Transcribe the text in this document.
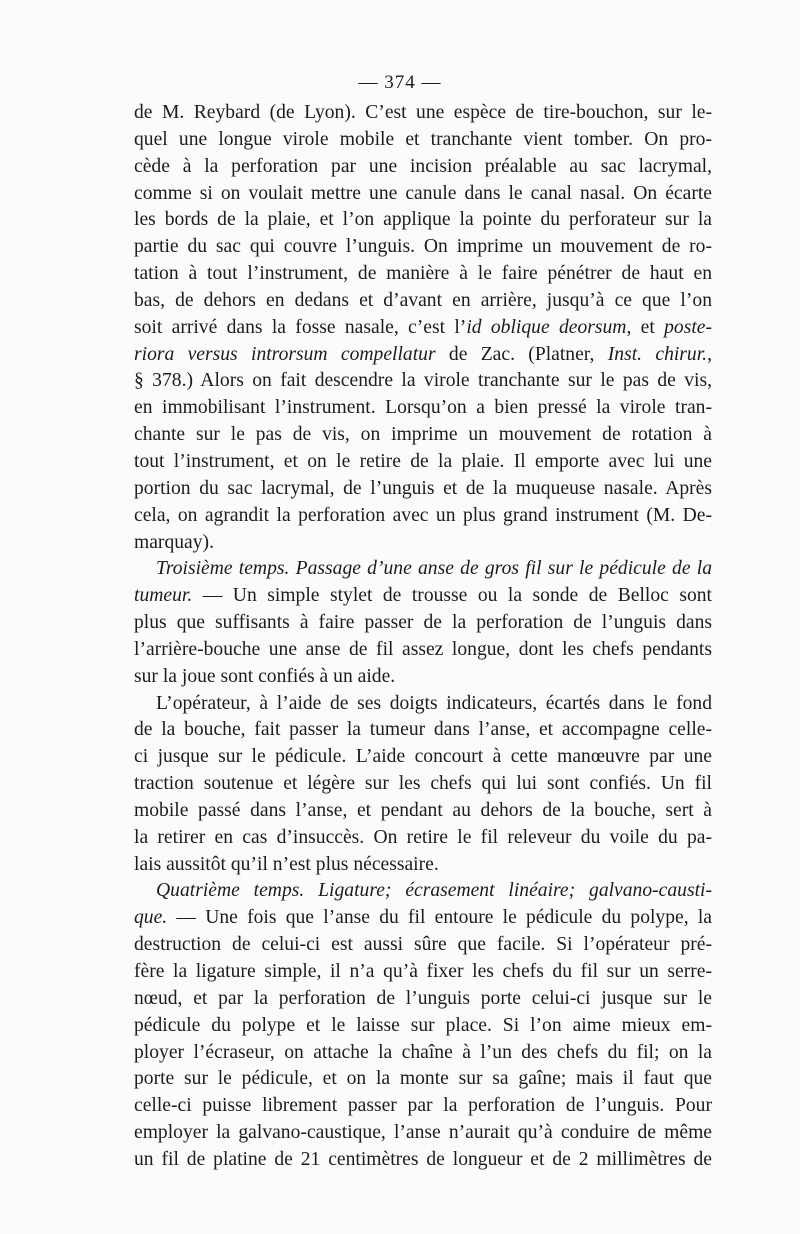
— 374 —
de M. Reybard (de Lyon). C’est une espèce de tire-bouchon, sur le-
quel une longue virole mobile et tranchante vient tomber. On pro-
cède à la perforation par une incision préalable au sac lacrymal,
comme si on voulait mettre une canule dans le canal nasal. On écarte
les bords de la plaie, et l’on applique la pointe du perforateur sur la
partie du sac qui couvre l’unguis. On imprime un mouvement de ro-
tation à tout l’instrument, de manière à le faire pénétrer de haut en
bas, de dehors en dedans et d’avant en arrière, jusqu’à ce que l’on
soit arrivé dans la fosse nasale, c’est l’id oblique deorsum, et poste-
riora versus introrsum compellatur de Zac. (Platner, Inst. chirur.,
§ 378.) Alors on fait descendre la virole tranchante sur le pas de vis,
en immobilisant l’instrument. Lorsqu’on a bien pressé la virole tran-
chante sur le pas de vis, on imprime un mouvement de rotation à
tout l’instrument, et on le retire de la plaie. Il emporte avec lui une
portion du sac lacrymal, de l’unguis et de la muqueuse nasale. Après
cela, on agrandit la perforation avec un plus grand instrument (M. De-
marquay).
Troisième temps. Passage d’une anse de gros fil sur le pédicule de la
tumeur. — Un simple stylet de trousse ou la sonde de Belloc sont
plus que suffisants à faire passer de la perforation de l’unguis dans
l’arrière-bouche une anse de fil assez longue, dont les chefs pendants
sur la joue sont confiés à un aide.
L’opérateur, à l’aide de ses doigts indicateurs, écartés dans le fond
de la bouche, fait passer la tumeur dans l’anse, et accompagne celle-
ci jusque sur le pédicule. L’aide concourt à cette manœuvre par une
traction soutenue et légère sur les chefs qui lui sont confiés. Un fil
mobile passé dans l’anse, et pendant au dehors de la bouche, sert à
la retirer en cas d’insuccès. On retire le fil releveur du voile du pa-
lais aussitôt qu’il n’est plus nécessaire.
Quatrième temps. Ligature; écrasement linéaire; galvano-causti-
que. — Une fois que l’anse du fil entoure le pédicule du polype, la
destruction de celui-ci est aussi sûre que facile. Si l’opérateur pré-
fère la ligature simple, il n’a qu’à fixer les chefs du fil sur un serre-
nœud, et par la perforation de l’unguis porte celui-ci jusque sur le
pédicule du polype et le laisse sur place. Si l’on aime mieux em-
ployer l’écraseur, on attache la chaîne à l’un des chefs du fil; on la
porte sur le pédicule, et on la monte sur sa gaîne; mais il faut que
celle-ci puisse librement passer par la perforation de l’unguis. Pour
employer la galvano-caustique, l’anse n’aurait qu’à conduire de même
un fil de platine de 21 centimètres de longueur et de 2 millimètres de
